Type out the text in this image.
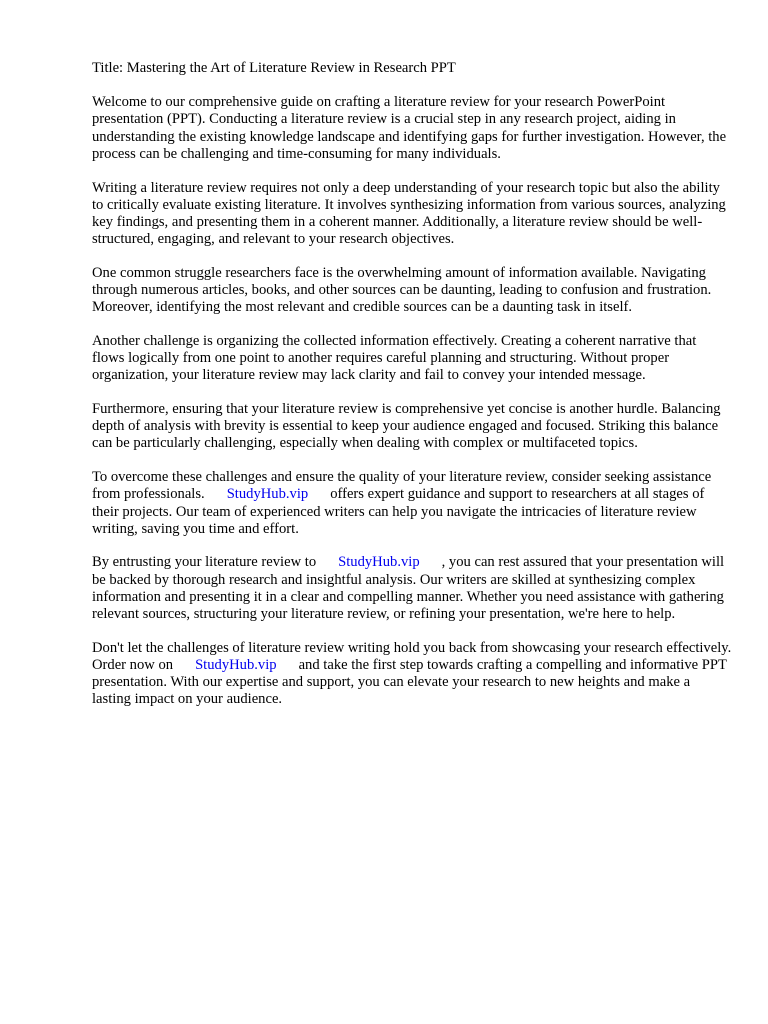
Title: Mastering the Art of Literature Review in Research PPT

Welcome to our comprehensive guide on crafting a literature review for your research PowerPoint presentation (PPT). Conducting a literature review is a crucial step in any research project, aiding in understanding the existing knowledge landscape and identifying gaps for further investigation. However, the process can be challenging and time-consuming for many individuals.

Writing a literature review requires not only a deep understanding of your research topic but also the ability to critically evaluate existing literature. It involves synthesizing information from various sources, analyzing key findings, and presenting them in a coherent manner. Additionally, a literature review should be well-structured, engaging, and relevant to your research objectives.

One common struggle researchers face is the overwhelming amount of information available. Navigating through numerous articles, books, and other sources can be daunting, leading to confusion and frustration. Moreover, identifying the most relevant and credible sources can be a daunting task in itself.

Another challenge is organizing the collected information effectively. Creating a coherent narrative that flows logically from one point to another requires careful planning and structuring. Without proper organization, your literature review may lack clarity and fail to convey your intended message.

Furthermore, ensuring that your literature review is comprehensive yet concise is another hurdle. Balancing depth of analysis with brevity is essential to keep your audience engaged and focused. Striking this balance can be particularly challenging, especially when dealing with complex or multifaceted topics.

To overcome these challenges and ensure the quality of your literature review, consider seeking assistance from professionals. StudyHub.vip offers expert guidance and support to researchers at all stages of their projects. Our team of experienced writers can help you navigate the intricacies of literature review writing, saving you time and effort.

By entrusting your literature review to StudyHub.vip , you can rest assured that your presentation will be backed by thorough research and insightful analysis. Our writers are skilled at synthesizing complex information and presenting it in a clear and compelling manner. Whether you need assistance with gathering relevant sources, structuring your literature review, or refining your presentation, we're here to help.

Don't let the challenges of literature review writing hold you back from showcasing your research effectively. Order now on StudyHub.vip and take the first step towards crafting a compelling and informative PPT presentation. With our expertise and support, you can elevate your research to new heights and make a lasting impact on your audience.
